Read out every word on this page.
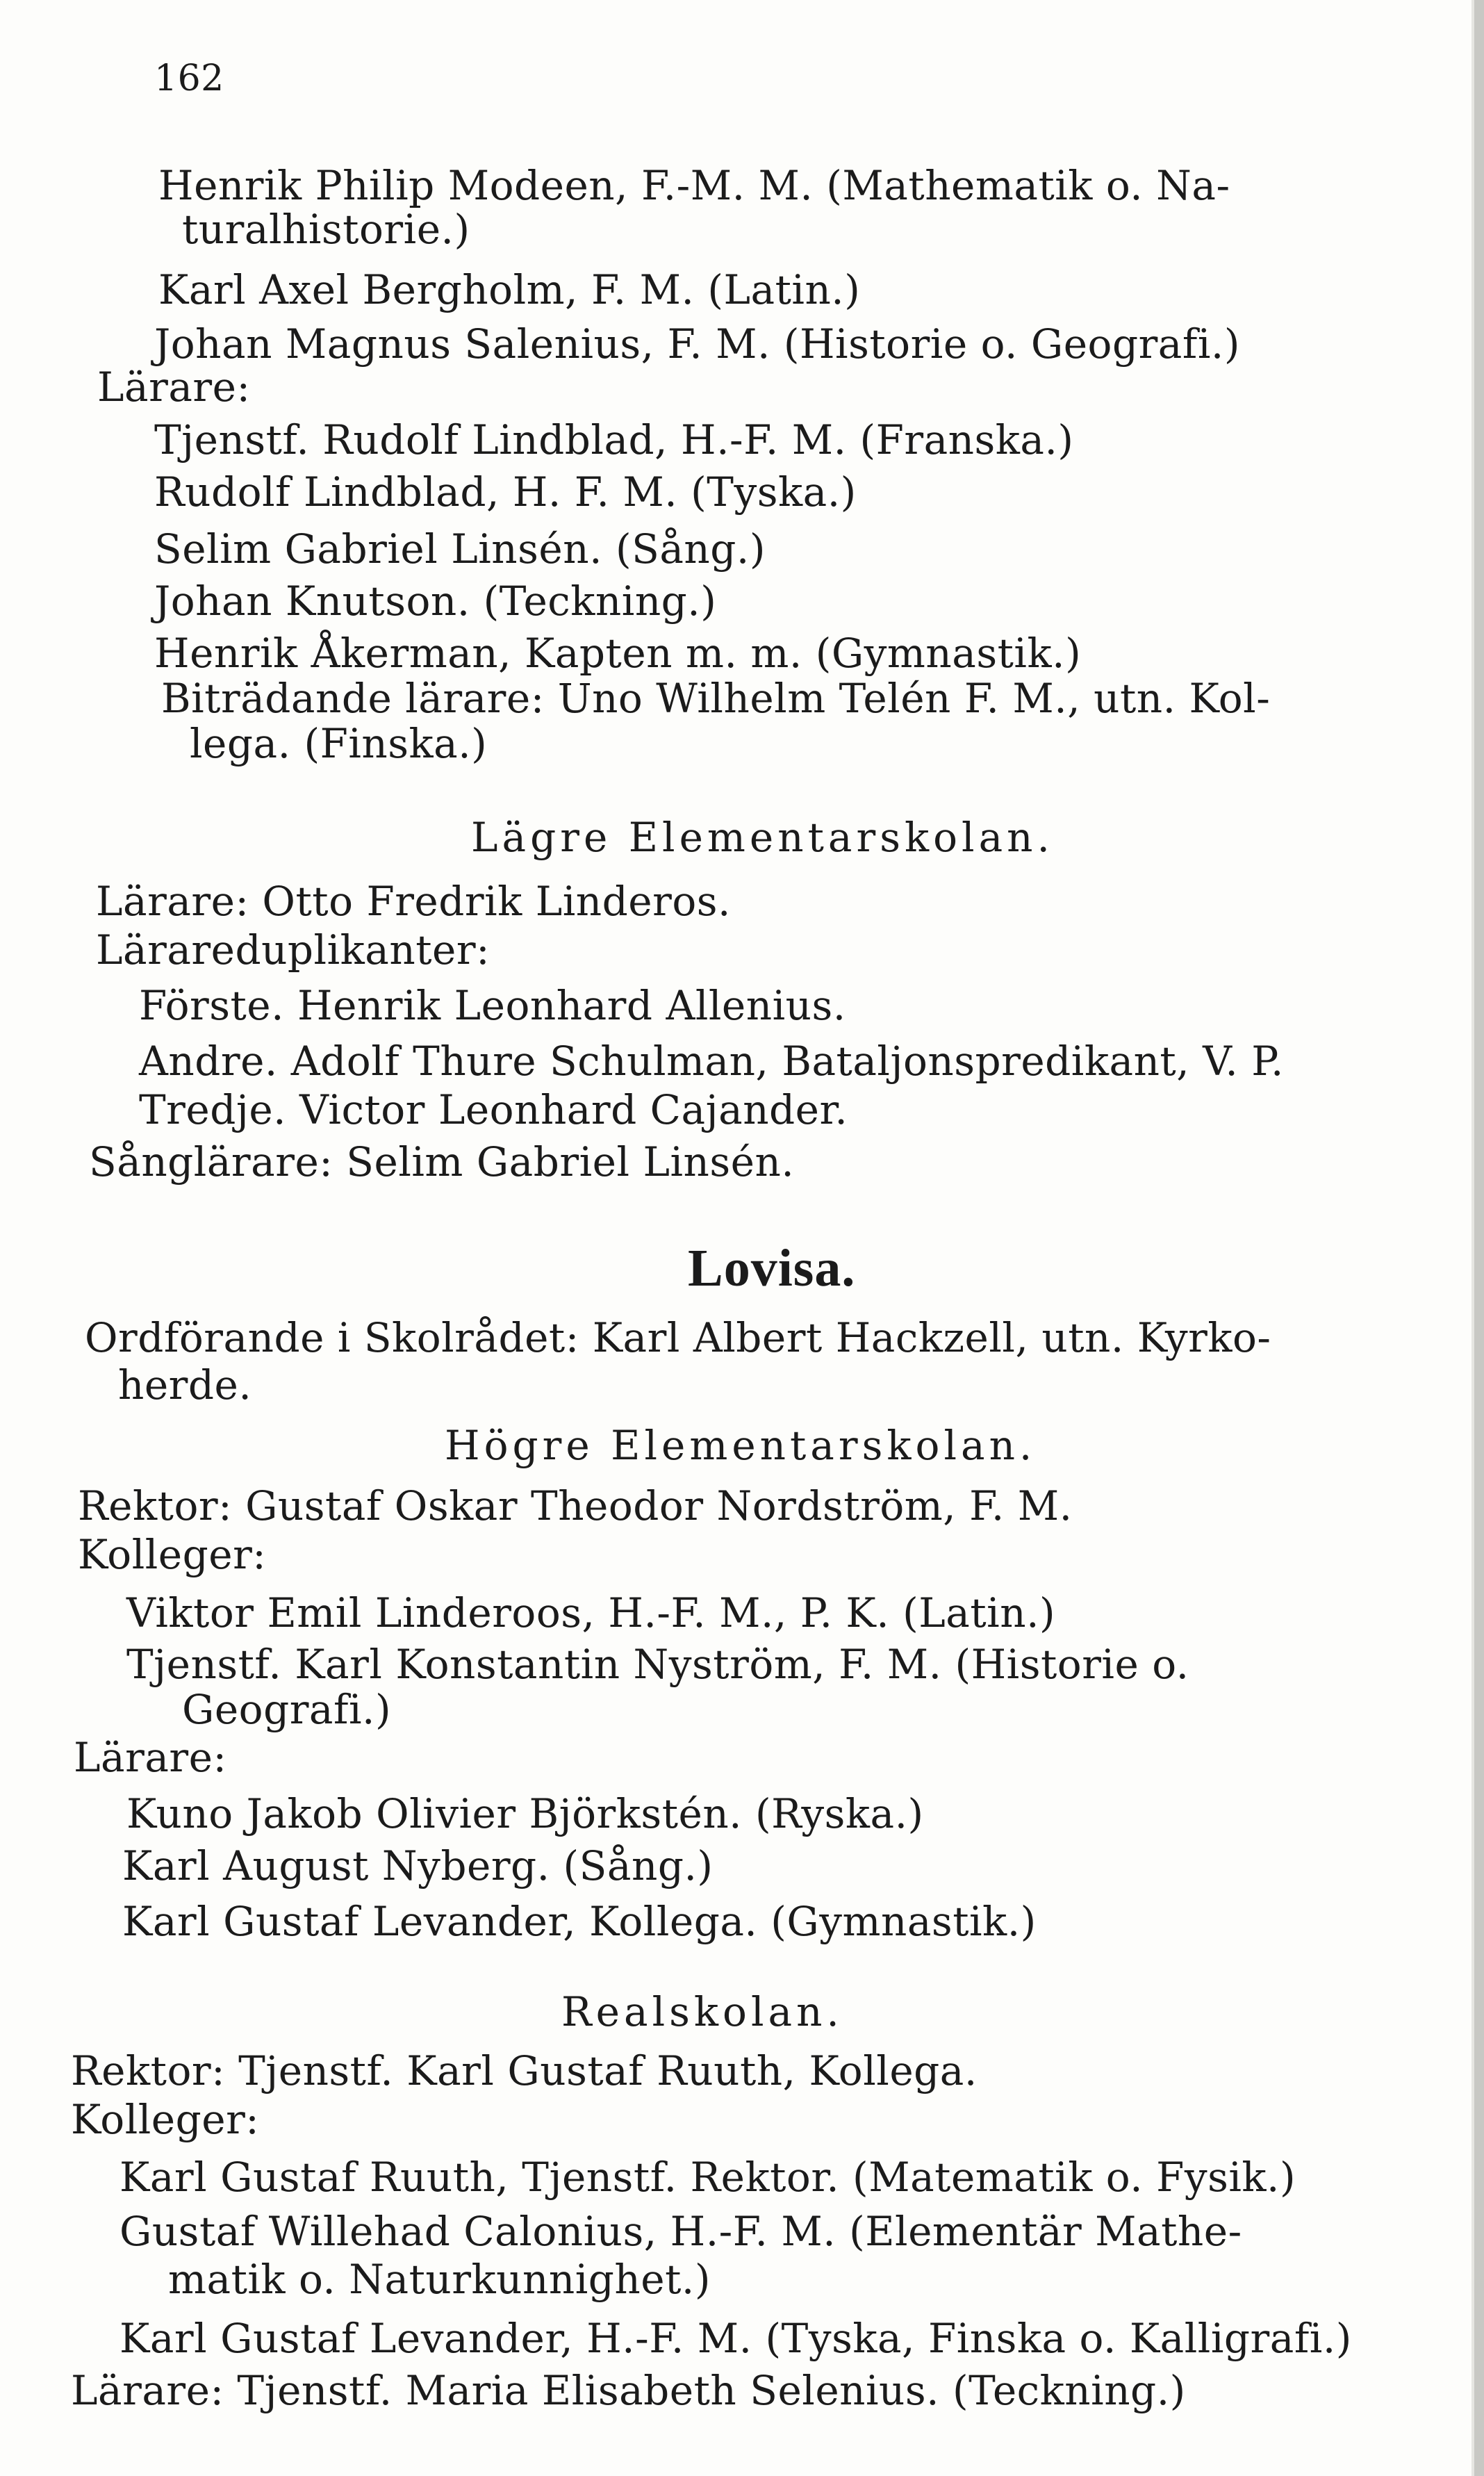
162
Henrik Philip Modeen, F.-M. M. (Mathematik o. Na-
turalhistorie.)
Karl Axel Bergholm, F. M. (Latin.)
Johan Magnus Salenius, F. M. (Historie o. Geografi.)
Lärare:
Tjenstf. Rudolf Lindblad, H.-F. M. (Franska.)
Rudolf Lindblad, H. F. M. (Tyska.)
Selim Gabriel Linsén. (Sång.)
Johan Knutson. (Teckning.)
Henrik Åkerman, Kapten m. m. (Gymnastik.)
Biträdande lärare: Uno Wilhelm Telén F. M., utn. Kol-
lega. (Finska.)
Lägre Elementarskolan.
Lärare: Otto Fredrik Linderos.
Lärareduplikanter:
Förste. Henrik Leonhard Allenius.
Andre. Adolf Thure Schulman, Bataljonspredikant, V. P.
Tredje. Victor Leonhard Cajander.
Sånglärare: Selim Gabriel Linsén.
Lovisa.
Ordförande i Skolrådet: Karl Albert Hackzell, utn. Kyrko-
herde.
Högre Elementarskolan.
Rektor: Gustaf Oskar Theodor Nordström, F. M.
Kolleger:
Viktor Emil Linderoos, H.-F. M., P. K. (Latin.)
Tjenstf. Karl Konstantin Nyström, F. M. (Historie o.
Geografi.)
Lärare:
Kuno Jakob Olivier Björkstén. (Ryska.)
Karl August Nyberg. (Sång.)
Karl Gustaf Levander, Kollega. (Gymnastik.)
Realskolan.
Rektor: Tjenstf. Karl Gustaf Ruuth, Kollega.
Kolleger:
Karl Gustaf Ruuth, Tjenstf. Rektor. (Matematik o. Fysik.)
Gustaf Willehad Calonius, H.-F. M. (Elementär Mathe-
matik o. Naturkunnighet.)
Karl Gustaf Levander, H.-F. M. (Tyska, Finska o. Kalligrafi.)
Lärare: Tjenstf. Maria Elisabeth Selenius. (Teckning.)
